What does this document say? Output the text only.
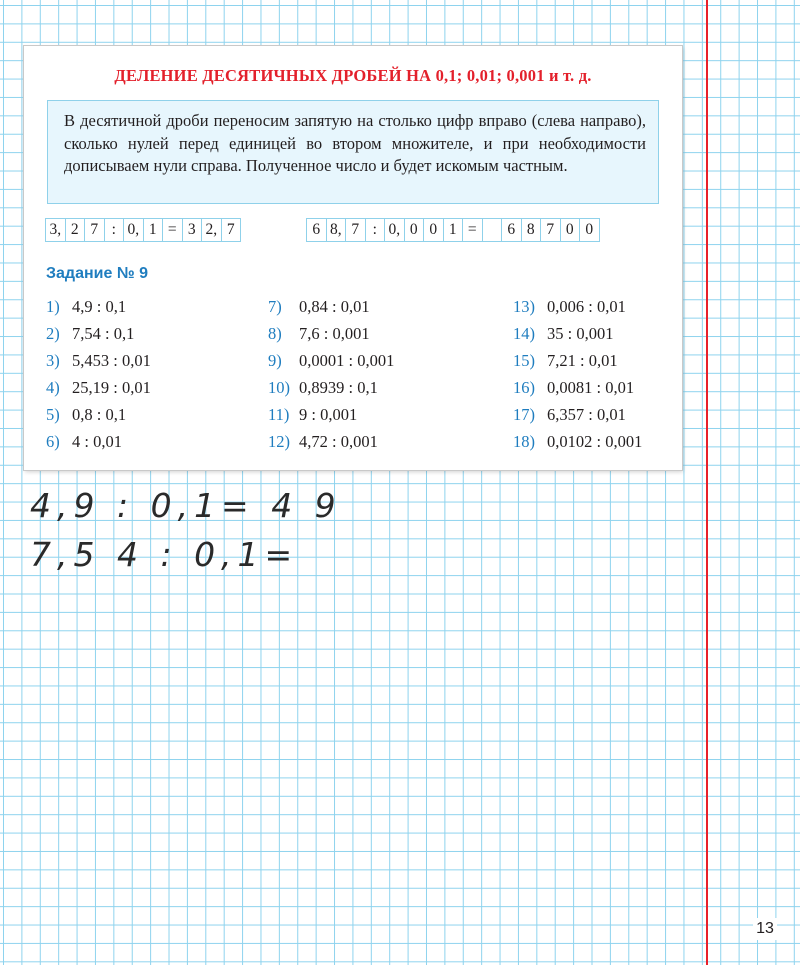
ДЕЛЕНИЕ ДЕСЯТИЧНЫХ ДРОБЕЙ НА 0,1; 0,01; 0,001 и т. д.
В десятичной дроби переносим запятую на столько цифр вправо (слева направо), сколько нулей перед единицей во втором множителе, и при необходимости дописываем нули справа. Полученное число и будет искомым частным.
3, 2 7 : 0, 1 = 3 2, 7	6 8, 7 : 0, 0 0 1 =	6 8 7 0 0
Задание № 9
1) 4,9 : 0,1
2) 7,54 : 0,1
3) 5,453 : 0,01
4) 25,19 : 0,01
5) 0,8 : 0,1
6) 4 : 0,01
7) 0,84 : 0,01
8) 7,6 : 0,001
9) 0,0001 : 0,001
10) 0,8939 : 0,1
11) 9 : 0,001
12) 4,72 : 0,001
13) 0,006 : 0,01
14) 35 : 0,001
15) 7,21 : 0,01
16) 0,0081 : 0,01
17) 6,357 : 0,01
18) 0,0102 : 0,001
4,9 : 0,1= 4 9
7,5 4 : 0,1=
13
